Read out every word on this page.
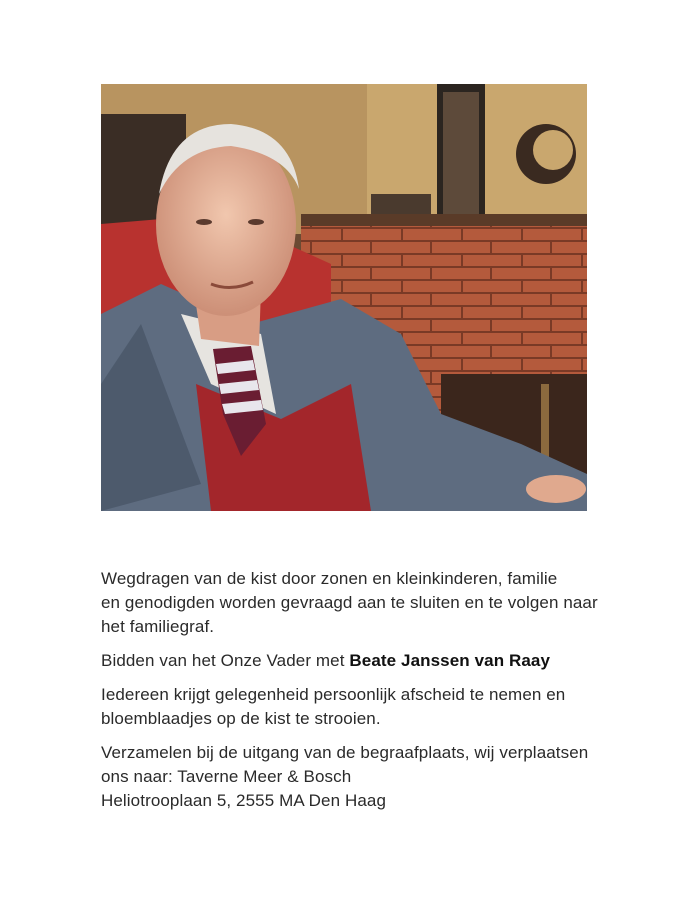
Wegdragen van de kist door zonen en kleinkinderen, familie
en genodigden worden gevraagd aan te sluiten en te volgen naar
het familiegraf.

Bidden van het Onze Vader met Beate Janssen van Raay

Iedereen krijgt gelegenheid persoonlijk afscheid te nemen en
bloemblaadjes op de kist te strooien.

Verzamelen bij de uitgang van de begraafplaats, wij verplaatsen
ons naar: Taverne Meer & Bosch
Heliotrooplaan 5, 2555 MA Den Haag
